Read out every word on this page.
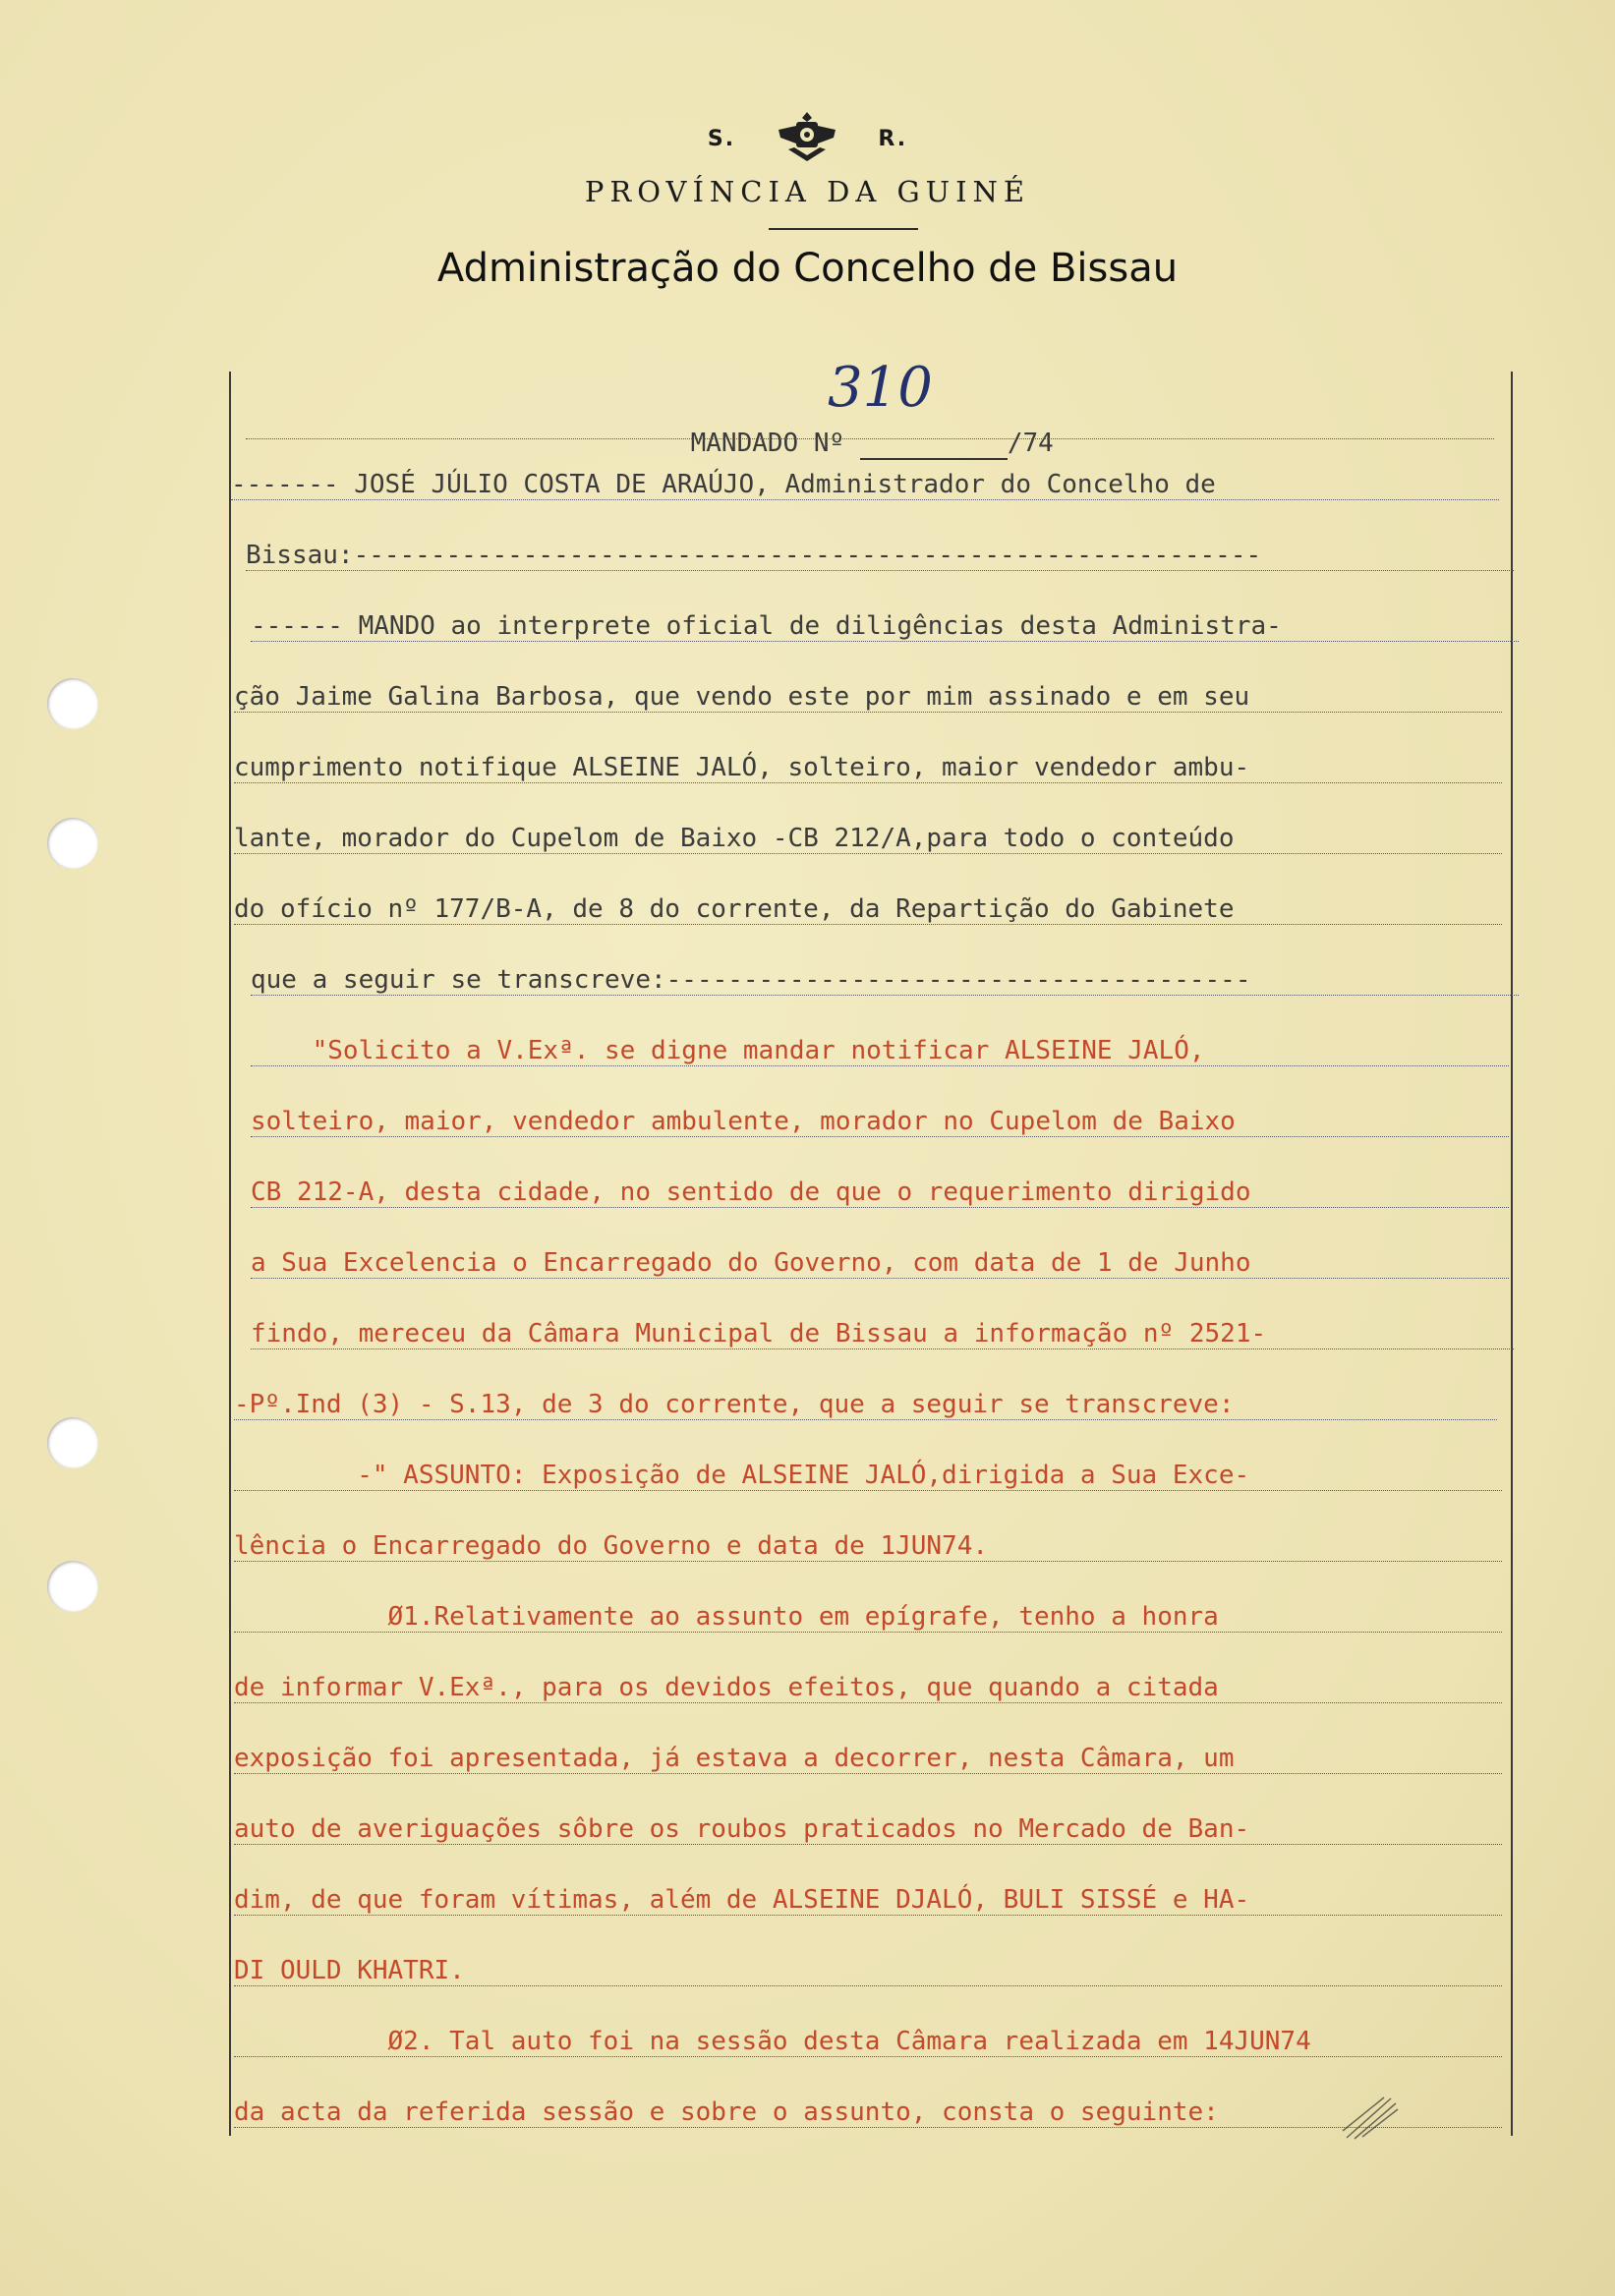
S.	R.
PROVÍNCIA DA GUINÉ
Administração do Concelho de Bissau

MANDADO Nº	/74

310
------- JOSÉ JÚLIO COSTA DE ARAÚJO, Administrador do Concelho de
Bissau:-----------------------------------------------------------
------ MANDO ao interprete oficial de diligências desta Administra-
ção Jaime Galina Barbosa, que vendo este por mim assinado e em seu
cumprimento notifique ALSEINE JALÓ, solteiro, maior vendedor ambu-
lante, morador do Cupelom de Baixo -CB 212/A,para todo o conteúdo
do ofício nº 177/B-A, de 8 do corrente, da Repartição do Gabinete
que a seguir se transcreve:--------------------------------------
"Solicito a V.Exª. se digne mandar notificar ALSEINE JALÓ,
solteiro, maior, vendedor ambulente, morador no Cupelom de Baixo
CB 212-A, desta cidade, no sentido de que o requerimento dirigido
a Sua Excelencia o Encarregado do Governo, com data de 1 de Junho
findo, mereceu da Câmara Municipal de Bissau a informação nº 2521-
-Pº.Ind (3) - S.13, de 3 do corrente, que a seguir se transcreve:
-" ASSUNTO: Exposição de ALSEINE JALÓ,dirigida a Sua Exce-
lência o Encarregado do Governo e data de 1JUN74.
Ø1.Relativamente ao assunto em epígrafe, tenho a honra
de informar V.Exª., para os devidos efeitos, que quando a citada
exposição foi apresentada, já estava a decorrer, nesta Câmara, um
auto de averiguações sôbre os roubos praticados no Mercado de Ban-
dim, de que foram vítimas, além de ALSEINE DJALÓ, BULI SISSÉ e HA-
DI OULD KHATRI.
Ø2. Tal auto foi na sessão desta Câmara realizada em 14JUN74
da acta da referida sessão e sobre o assunto, consta o seguinte:
